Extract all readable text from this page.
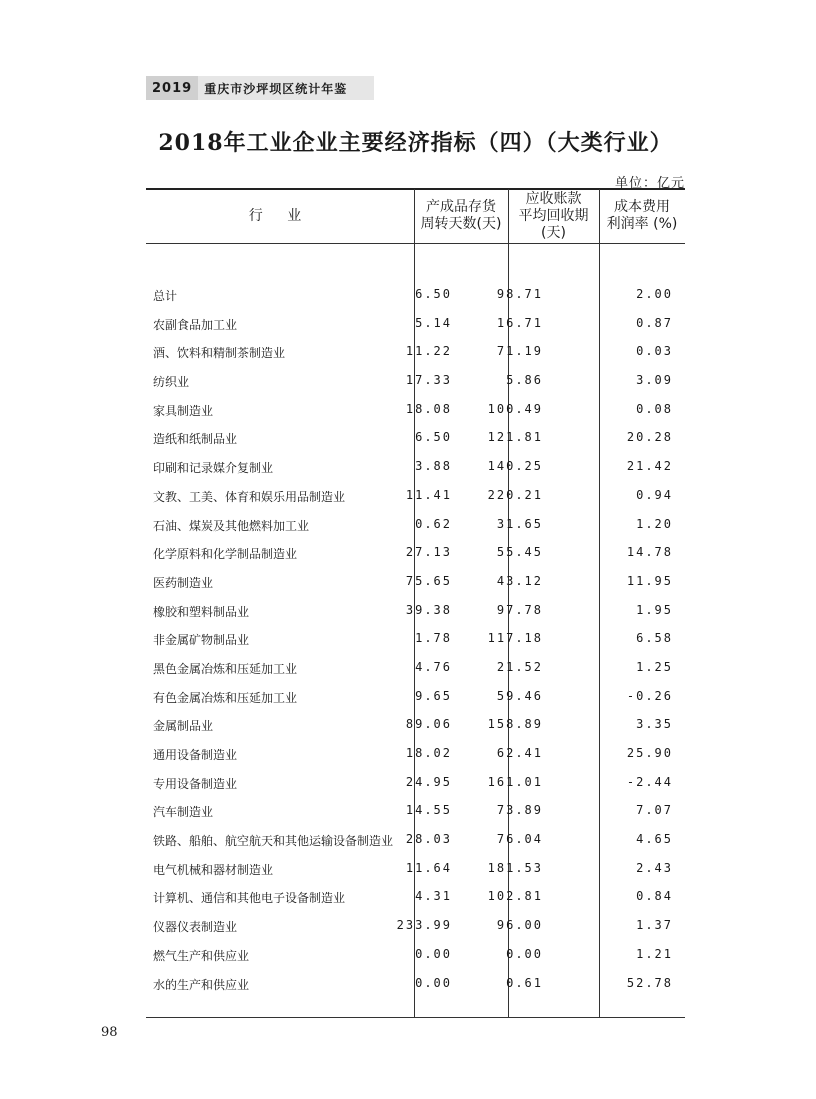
2019	重庆市沙坪坝区统计年鉴
2018年工业企业主要经济指标（四）（大类行业）
单位：亿元
行 业
产成品存货
周转天数(天)
应收账款
平均回收期
(天)
成本费用
利润率 (%)
总计	6.50	98.71	2.00
农副食品加工业	5.14	16.71	0.87
酒、饮料和精制茶制造业	11.22	71.19	0.03
纺织业	17.33	5.86	3.09
家具制造业	18.08	100.49	0.08
造纸和纸制品业	6.50	121.81	20.28
印刷和记录媒介复制业	3.88	140.25	21.42
文教、工美、体育和娱乐用品制造业	11.41	220.21	0.94
石油、煤炭及其他燃料加工业	0.62	31.65	1.20
化学原料和化学制品制造业	27.13	55.45	14.78
医药制造业	75.65	43.12	11.95
橡胶和塑料制品业	39.38	97.78	1.95
非金属矿物制品业	1.78	117.18	6.58
黑色金属冶炼和压延加工业	4.76	21.52	1.25
有色金属冶炼和压延加工业	9.65	59.46	-0.26
金属制品业	89.06	158.89	3.35
通用设备制造业	18.02	62.41	25.90
专用设备制造业	24.95	161.01	-2.44
汽车制造业	14.55	73.89	7.07
铁路、船舶、航空航天和其他运输设备制造业 28.03	76.04	4.65
电气机械和器材制造业	11.64	181.53	2.43
计算机、通信和其他电子设备制造业	4.31	102.81	0.84
仪器仪表制造业	233.99	96.00	1.37
燃气生产和供应业	0.00	0.00	1.21
水的生产和供应业	0.00	0.61	52.78
98
